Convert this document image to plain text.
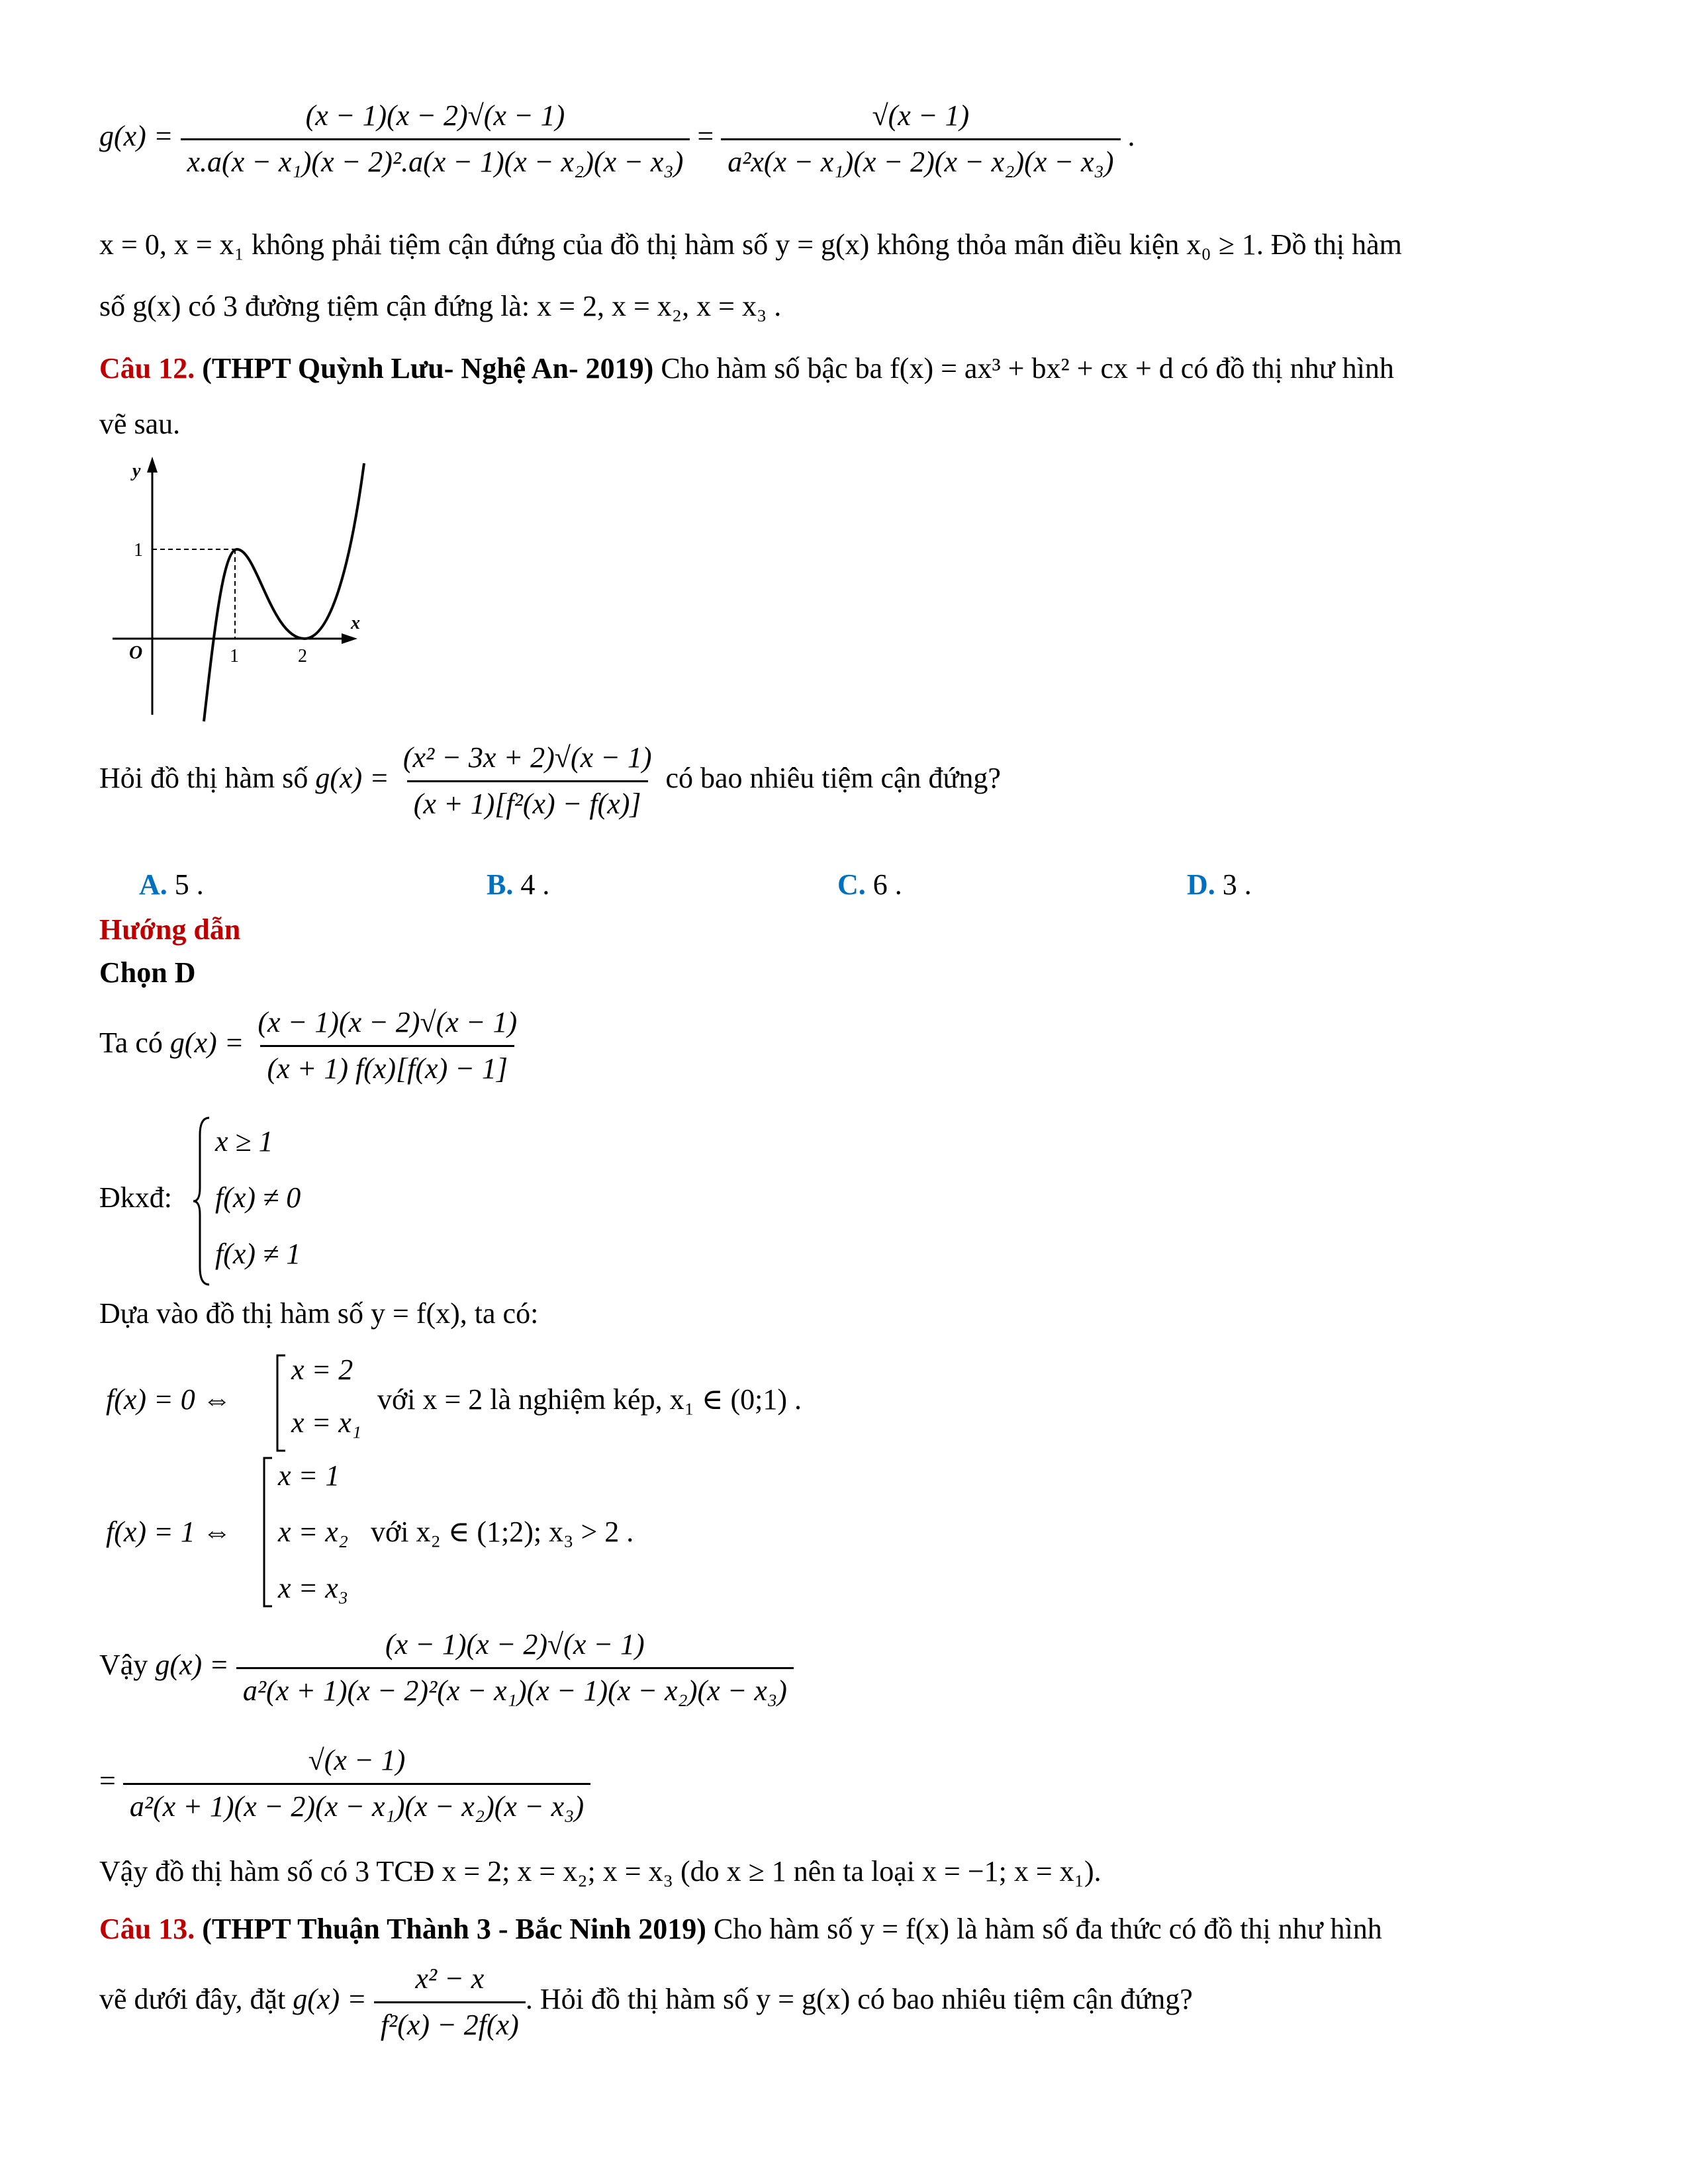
$g(x) = \frac{(x - 1)(x - 2)√(x - 1)}{\text{x.a(x − x₁)(x − 2)².a(x − 1)(x − x₂)(x − x₃)}} = \frac{√(x - 1)}{\text{a²x(x − x₁)(x − 2)(x − x₂)(x − x₃)}}$ .
x = 0, x = x₁ không phải tiệm cận đứng của đồ thị hàm số y = g(x) không thỏa mãn điều kiện x₀ ≥ 1. Đồ thị hàm
số g(x) có 3 đường tiệm cận đứng là: x = 2, x = x₂, x = x₃ .
Câu 12. (THPT Quỳnh Lưu- Nghệ An- 2019) Cho hàm số bậc ba f(x) = ax³ + bx² + cx + d có đồ thị như hình
vẽ sau.
y
x
O	1	2
1
Hỏi đồ thị hàm số $g(x) = \frac{\text{(x² − 3x + 2)√(x − 1)}}{\text{(x + 1)[f²(x) − f(x)]}}$ có bao nhiêu tiệm cận đứng?
A. 5 .	B. 4 .	C. 6 .	D. 3 .
Hướng dẫn
Chọn D
Ta có $g(x) = \frac{(x - 1)(x - 2)√(x - 1)}{(x + 1) f(x)[f(x) - 1]}$
Đkxđ:
x ≥ 1
f(x) ≠ 0
f(x) ≠ 1
Dựa vào đồ thị hàm số y = f(x), ta có:
f(x) = 0 ⇔
x = 2
x = x₁
với x = 2 là nghiệm kép, x₁ ∈ (0;1) .
f(x) = 1 ⇔
x = 1
x = x₂
x = x₃
với x₂ ∈ (1;2); x₃ > 2 .
Vậy $g(x) = \frac{(x - 1)(x - 2)√(x - 1)}{\text{a²(x + 1)(x − 2)²(x − x₁)(x − 1)(x − x₂)(x − x₃)}}$
= $\frac{√(x - 1)}{\text{a²(x + 1)(x − 2)(x − x₁)(x − x₂)(x − x₃)}}$
Vậy đồ thị hàm số có 3 TCĐ x = 2; x = x₂; x = x₃ (do x ≥ 1 nên ta loại x = −1; x = x₁).
Câu 13. (THPT Thuận Thành 3 - Bắc Ninh 2019) Cho hàm số y = f(x) là hàm số đa thức có đồ thị như hình
vẽ dưới đây, đặt $g(x) = \frac{\text{x² − x}}{\text{f²(x) − 2f(x)}}$ . Hỏi đồ thị hàm số y = g(x) có bao nhiêu tiệm cận đứng?
